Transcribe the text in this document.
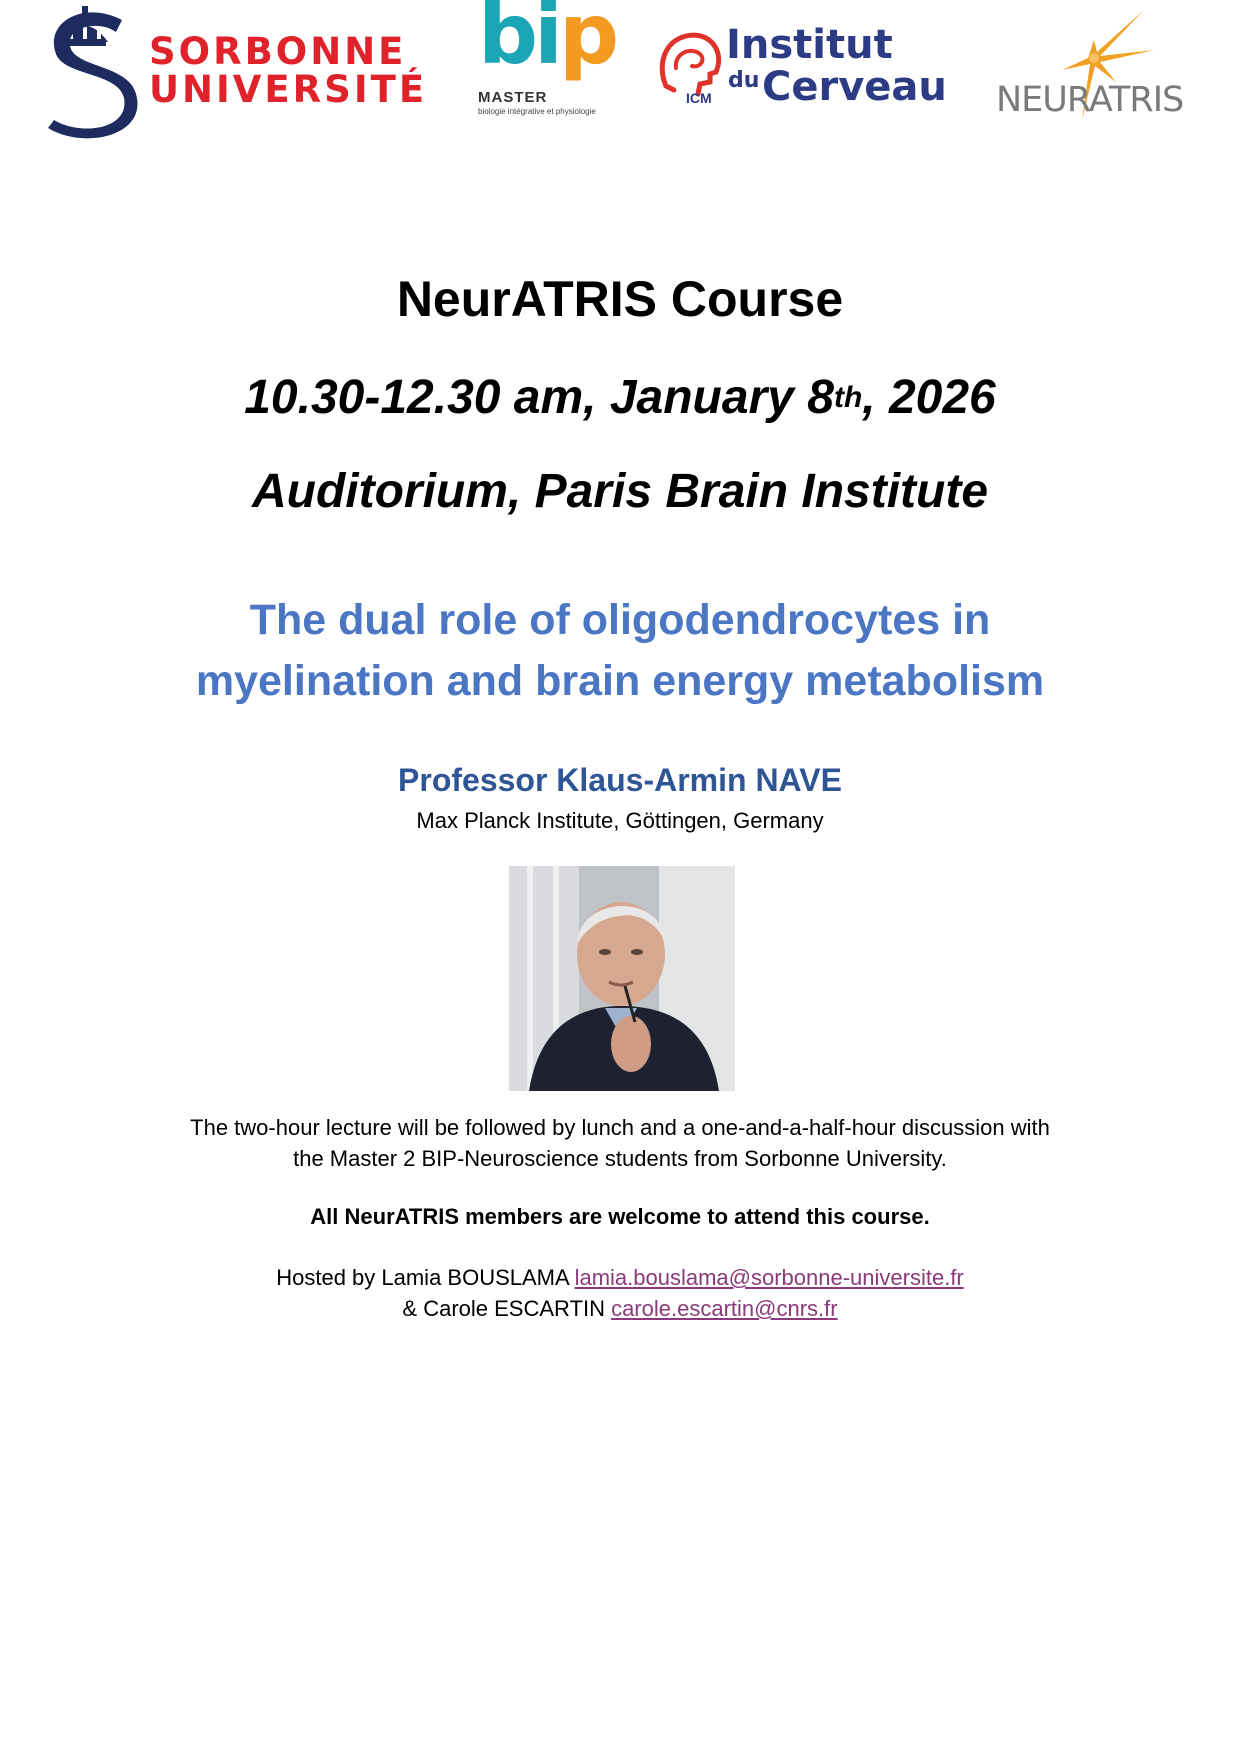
SORBONNE
UNIVERSITÉ
bip
MASTER
biologie intégrative et physiologie
ICM
Institut
du Cerveau NEURATRIS
NeurATRIS Course
10.30-12.30 am, January 8th, 2026
Auditorium, Paris Brain Institute
The dual role of oligodendrocytes in
myelination and brain energy metabolism
Professor Klaus-Armin NAVE
Max Planck Institute, Göttingen, Germany
The two-hour lecture will be followed by lunch and a one-and-a-half-hour discussion with
the Master 2 BIP-Neuroscience students from Sorbonne University.
All NeurATRIS members are welcome to attend this course.
Hosted by Lamia BOUSLAMA lamia.bouslama@sorbonne-universite.fr
& Carole ESCARTIN carole.escartin@cnrs.fr
